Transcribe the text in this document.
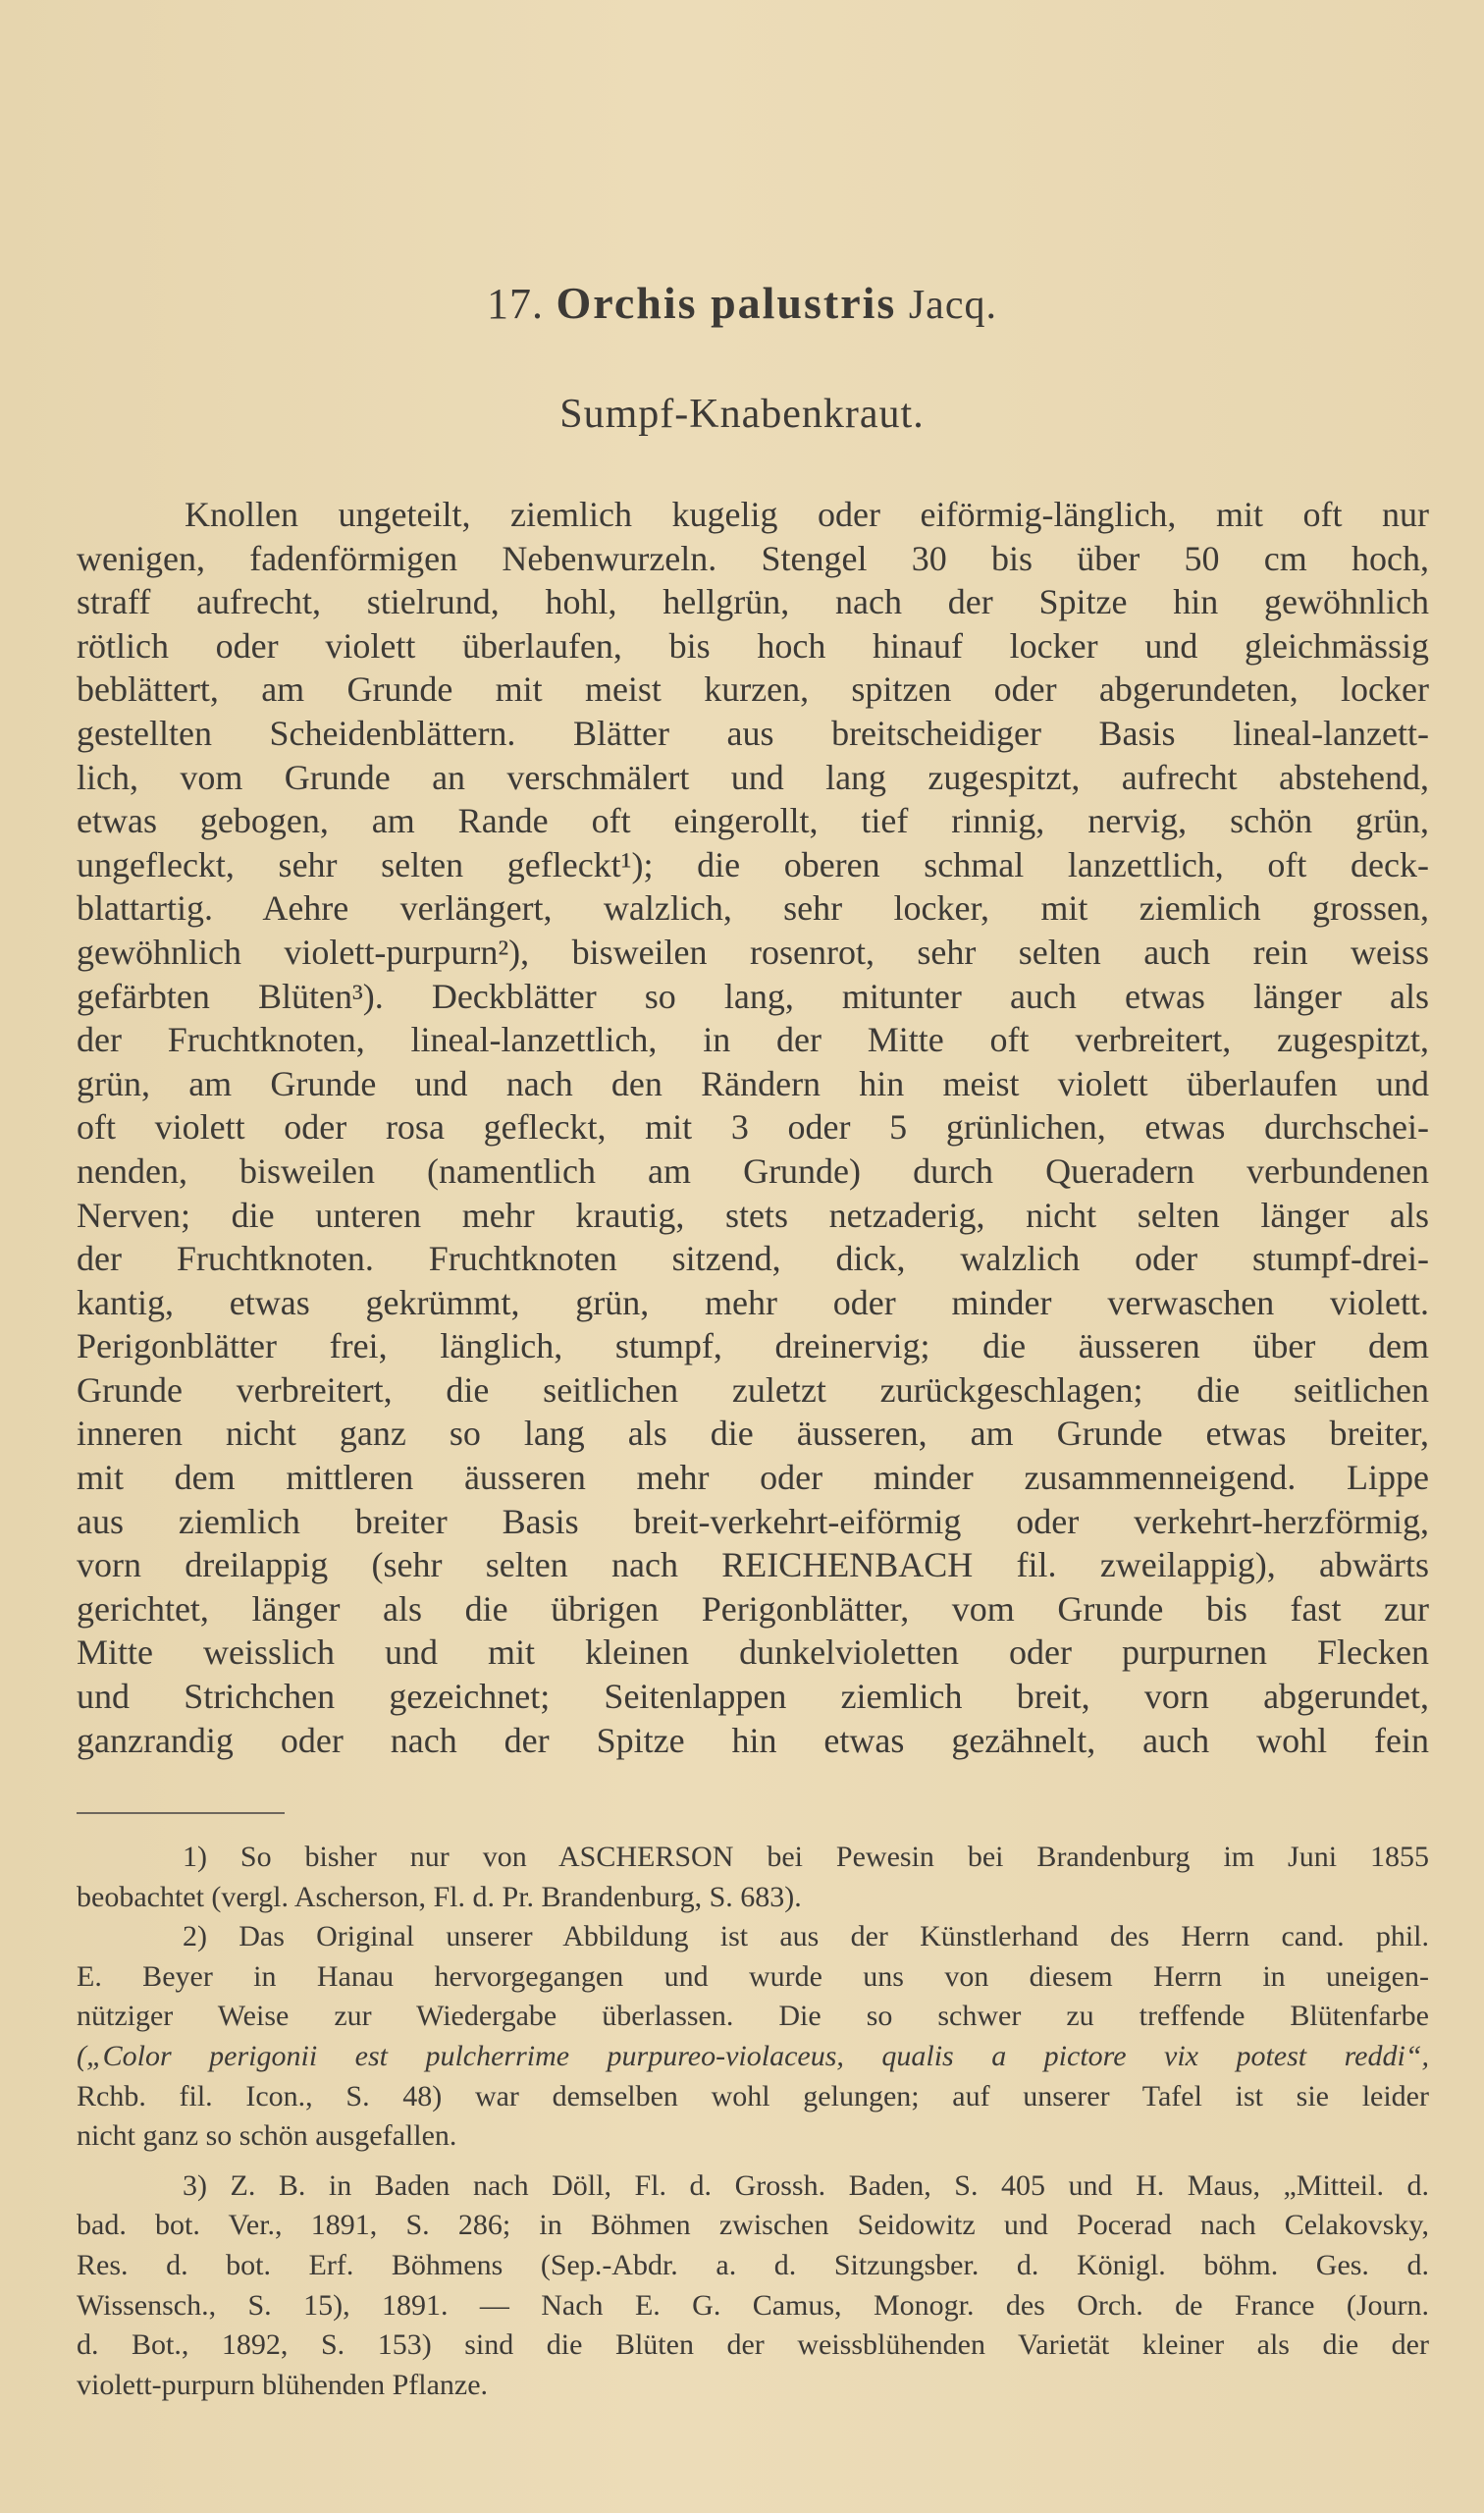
17. Orchis palustris Jacq.
Sumpf-Knabenkraut.
Knollen ungeteilt, ziemlich kugelig oder eiförmig-länglich, mit oft nur
wenigen, fadenförmigen Nebenwurzeln. Stengel 30 bis über 50 cm hoch,
straff aufrecht, stielrund, hohl, hellgrün, nach der Spitze hin gewöhnlich
rötlich oder violett überlaufen, bis hoch hinauf locker und gleichmässig
beblättert, am Grunde mit meist kurzen, spitzen oder abgerundeten, locker
gestellten Scheidenblättern. Blätter aus breitscheidiger Basis lineal-lanzett-
lich, vom Grunde an verschmälert und lang zugespitzt, aufrecht abstehend,
etwas gebogen, am Rande oft eingerollt, tief rinnig, nervig, schön grün,
ungefleckt, sehr selten gefleckt¹); die oberen schmal lanzettlich, oft deck-
blattartig. Aehre verlängert, walzlich, sehr locker, mit ziemlich grossen,
gewöhnlich violett-purpurn²), bisweilen rosenrot, sehr selten auch rein weiss
gefärbten Blüten³). Deckblätter so lang, mitunter auch etwas länger als
der Fruchtknoten, lineal-lanzettlich, in der Mitte oft verbreitert, zugespitzt,
grün, am Grunde und nach den Rändern hin meist violett überlaufen und
oft violett oder rosa gefleckt, mit 3 oder 5 grünlichen, etwas durchschei-
nenden, bisweilen (namentlich am Grunde) durch Queradern verbundenen
Nerven; die unteren mehr krautig, stets netzaderig, nicht selten länger als
der Fruchtknoten. Fruchtknoten sitzend, dick, walzlich oder stumpf-drei-
kantig, etwas gekrümmt, grün, mehr oder minder verwaschen violett.
Perigonblätter frei, länglich, stumpf, dreinervig; die äusseren über dem
Grunde verbreitert, die seitlichen zuletzt zurückgeschlagen; die seitlichen
inneren nicht ganz so lang als die äusseren, am Grunde etwas breiter,
mit dem mittleren äusseren mehr oder minder zusammenneigend. Lippe
aus ziemlich breiter Basis breit-verkehrt-eiförmig oder verkehrt-herzförmig,
vorn dreilappig (sehr selten nach REICHENBACH fil. zweilappig), abwärts
gerichtet, länger als die übrigen Perigonblätter, vom Grunde bis fast zur
Mitte weisslich und mit kleinen dunkelvioletten oder purpurnen Flecken
und Strichchen gezeichnet; Seitenlappen ziemlich breit, vorn abgerundet,
ganzrandig oder nach der Spitze hin etwas gezähnelt, auch wohl fein
1) So bisher nur von ASCHERSON bei Pewesin bei Brandenburg im Juni 1855
beobachtet (vergl. Ascherson, Fl. d. Pr. Brandenburg, S. 683).
2) Das Original unserer Abbildung ist aus der Künstlerhand des Herrn cand. phil.
E. Beyer in Hanau hervorgegangen und wurde uns von diesem Herrn in uneigen-
nütziger Weise zur Wiedergabe überlassen. Die so schwer zu treffende Blütenfarbe
(„Color perigonii est pulcherrime purpureo-violaceus, qualis a pictore vix potest reddi“,
Rchb. fil. Icon., S. 48) war demselben wohl gelungen; auf unserer Tafel ist sie leider
nicht ganz so schön ausgefallen.
3) Z. B. in Baden nach Döll, Fl. d. Grossh. Baden, S. 405 und H. Maus, „Mitteil. d.
bad. bot. Ver., 1891, S. 286; in Böhmen zwischen Seidowitz und Pocerad nach Celakovsky,
Res. d. bot. Erf. Böhmens (Sep.-Abdr. a. d. Sitzungsber. d. Königl. böhm. Ges. d.
Wissensch., S. 15), 1891. — Nach E. G. Camus, Monogr. des Orch. de France (Journ.
d. Bot., 1892, S. 153) sind die Blüten der weissblühenden Varietät kleiner als die der
violett-purpurn blühenden Pflanze.
